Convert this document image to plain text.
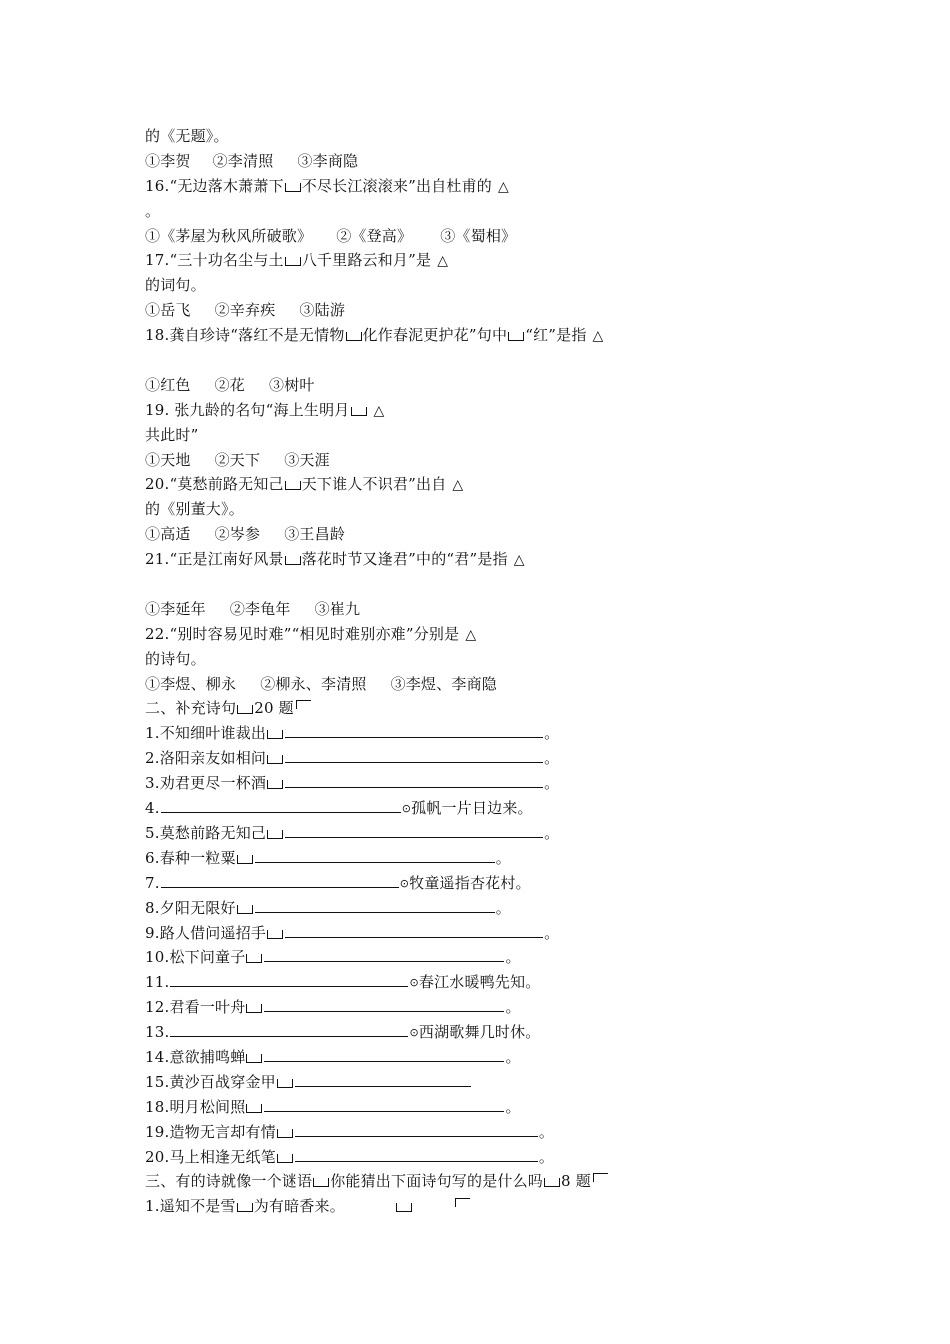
的《无题》。
①李贺 ②李清照 ③李商隐
16.“无边落木萧萧下 不尽长江滚滚来”出自杜甫的 △
。
①《茅屋为秋风所破歌》 ②《登高》 ③《蜀相》
17.“三十功名尘与土 八千里路云和月”是 △
的词句。
①岳飞 ②辛弃疾 ③陆游
18.龚自珍诗“落红不是无情物 化作春泥更护花”句中 “红”是指 △
①红色 ②花 ③树叶
19. 张九龄的名句“海上生明月 △
共此时”
①天地 ②天下 ③天涯
20.“莫愁前路无知己 天下谁人不识君”出自 △
的《别董大》。
①高适 ②岑参 ③王昌龄
21.“正是江南好风景 落花时节又逢君”中的“君”是指 △
①李延年 ②李龟年 ③崔九
22.“别时容易见时难”“相见时难别亦难”分别是 △
的诗句。
①李煜、柳永 ②柳永、李清照 ③李煜、李商隐
二、补充诗句 20 题
1.不知细叶谁裁出	。
2.洛阳亲友如相问	。
3.劝君更尽一杯酒	。
4.	⊙孤帆一片日边来。
5.莫愁前路无知己	。
6.春种一粒粟	。
7.	⊙牧童遥指杏花村。
8.夕阳无限好	。
9.路人借问遥招手	。
10.松下问童子	。
11.	⊙春江水暖鸭先知。
12.君看一叶舟	。
13.	⊙西湖歌舞几时休。
14.意欲捕鸣蝉	。
15.黄沙百战穿金甲
18.明月松间照	。
19.造物无言却有情	。
20.马上相逢无纸笔	。
三、有的诗就像一个谜语 你能猜出下面诗句写的是什么吗 8 题
1.遥知不是雪 为有暗香来。
